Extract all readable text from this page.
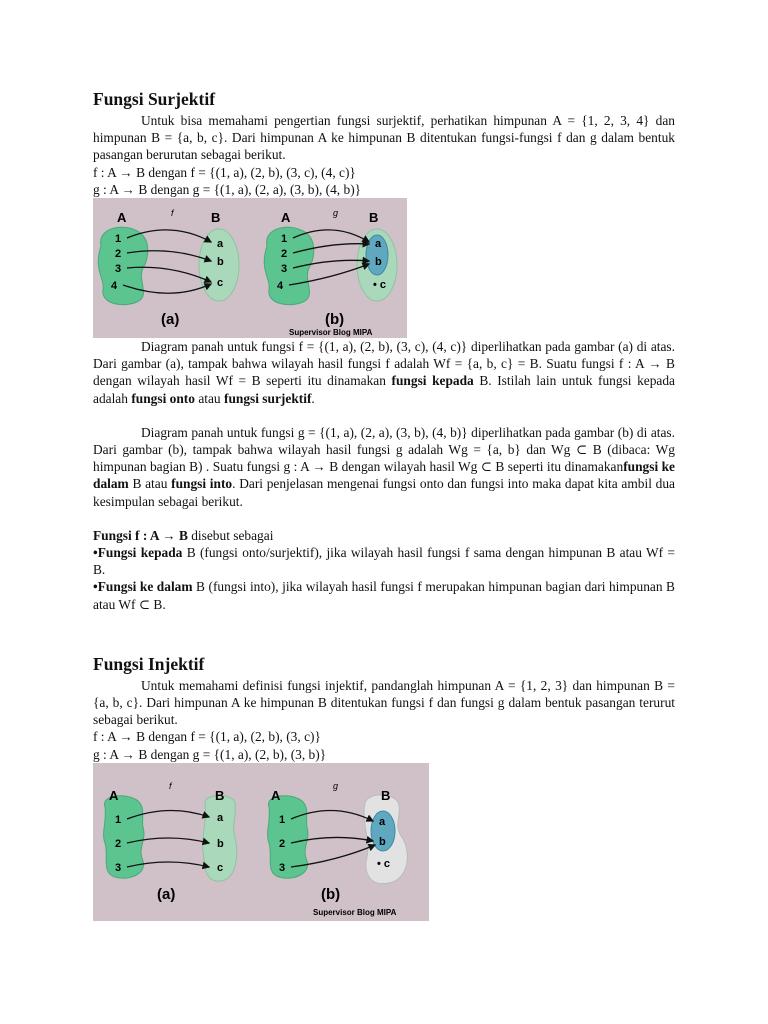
Fungsi Surjektif

Untuk bisa memahami pengertian fungsi surjektif, perhatikan himpunan A = {1, 2, 3, 4} dan himpunan B = {a, b, c}. Dari himpunan A ke himpunan B ditentukan fungsi-fungsi f dan g dalam bentuk pasangan berurutan sebagai berikut.

f : A → B dengan f = {(1, a), (2, b), (3, c), (4, c)}

g : A → B dengan g = {(1, a), (2, a), (3, b), (4, b)}

A	B
f
1
2
3
4
a
b
c
(a)
A	B
g
1
2
3
4
a
b
• c
(b)
Supervisor Blog MIPA

Diagram panah untuk fungsi f = {(1, a), (2, b), (3, c), (4, c)} diperlihatkan pada gambar (a) di atas. Dari gambar (a), tampak bahwa wilayah hasil fungsi f adalah Wf = {a, b, c} = B. Suatu fungsi f : A → B dengan wilayah hasil Wf = B seperti itu dinamakan fungsi kepada B. Istilah lain untuk fungsi kepada adalah fungsi onto atau fungsi surjektif.

Diagram panah untuk fungsi g = {(1, a), (2, a), (3, b), (4, b)} diperlihatkan pada gambar (b) di atas. Dari gambar (b), tampak bahwa wilayah hasil fungsi g adalah Wg = {a, b} dan Wg ⊂ B (dibaca: Wg himpunan bagian B) . Suatu fungsi g : A → B dengan wilayah hasil Wg ⊂ B seperti itu dinamakanfungsi ke dalam B atau fungsi into. Dari penjelasan mengenai fungsi onto dan fungsi into maka dapat kita ambil dua kesimpulan sebagai berikut.

Fungsi f : A → B disebut sebagai

•Fungsi kepada B (fungsi onto/surjektif), jika wilayah hasil fungsi f sama dengan himpunan B atau Wf = B.

•Fungsi ke dalam B (fungsi into), jika wilayah hasil fungsi f merupakan himpunan bagian dari himpunan B atau Wf ⊂ B.

Fungsi Injektif

Untuk memahami definisi fungsi injektif, pandanglah himpunan A = {1, 2, 3} dan himpunan B = {a, b, c}. Dari himpunan A ke himpunan B ditentukan fungsi f dan fungsi g dalam bentuk pasangan terurut sebagai berikut.

f : A → B dengan f = {(1, a), (2, b), (3, c)}

g : A → B dengan g = {(1, a), (2, b), (3, b)}

A	B
f
1
2
3
a
b
c
(a)
A	B
g
1
2
3
a
b
• c
(b)
Supervisor Blog MIPA
